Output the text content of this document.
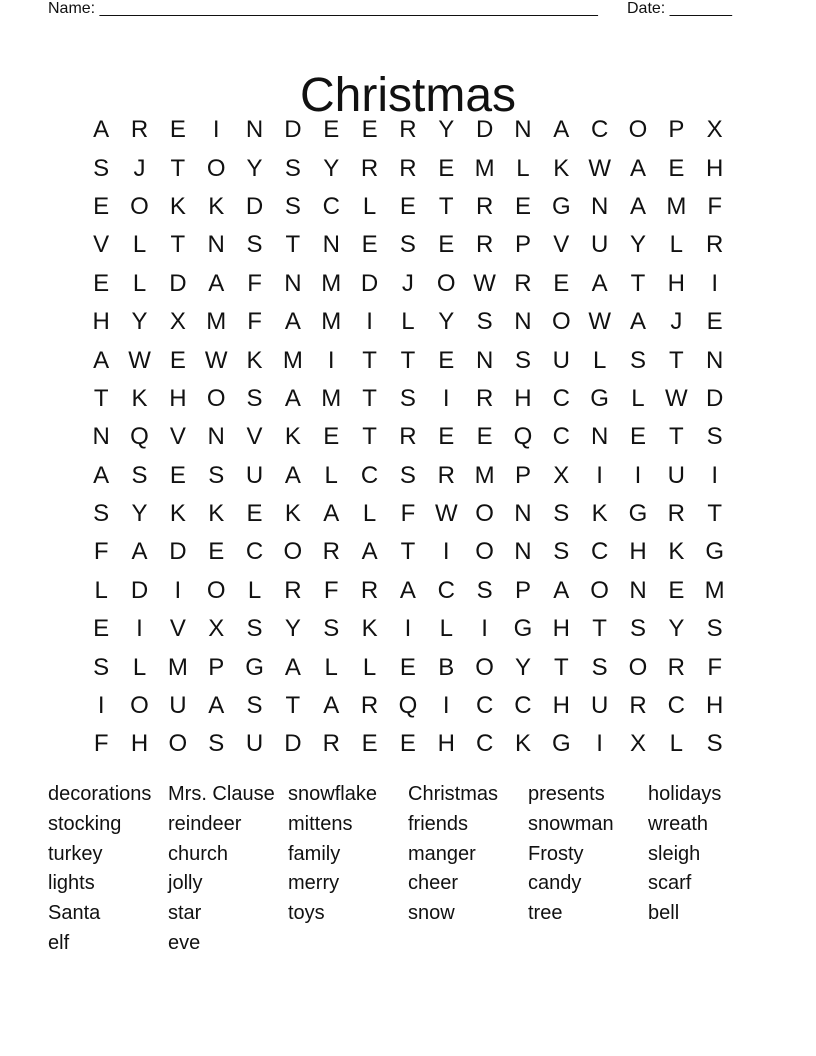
Name: ________________________________________________________ Date: _______
Christmas
A R E	I	N D E E R Y D N A C O P X
S	J	T O Y S Y R R E M L K W A E H
E O K K D S C L E T R E G N A M F
V L	T N S T N E S E R P V U Y L R
E L D A F N M D J O W R E A T H	I
H Y X M F A M	I	L Y S N O W A	J	E
A W E W K M	I	T T E N S U L S T N
T K H O S A M T S	I	R H C G L W D
N Q V N V K E T R E E Q C N E T S
A S E S U A L C S R M P X	I	I	U	I
S Y K K E K A L	F W O N S K G R T
F A D E C O R A T	I	O N S C H K G
L D	I	O L R F R A C S P A O N E M
E	I	V X S Y S K	I	L	I	G H T S Y S
S L M P G A L	L E B O Y T S O R F
I	O U A S T A R Q	I	C C H U R C H
F H O S U D R E E H C K G	I	X L S
decorations Mrs. Clause snowflake	Christmas	presents	holidays
stocking	reindeer	mittens	friends	snowman	wreath
turkey	church	family	manger	Frosty	sleigh
lights	jolly	merry	cheer	candy	scarf
Santa	star	toys	snow	tree	bell
elf	eve
